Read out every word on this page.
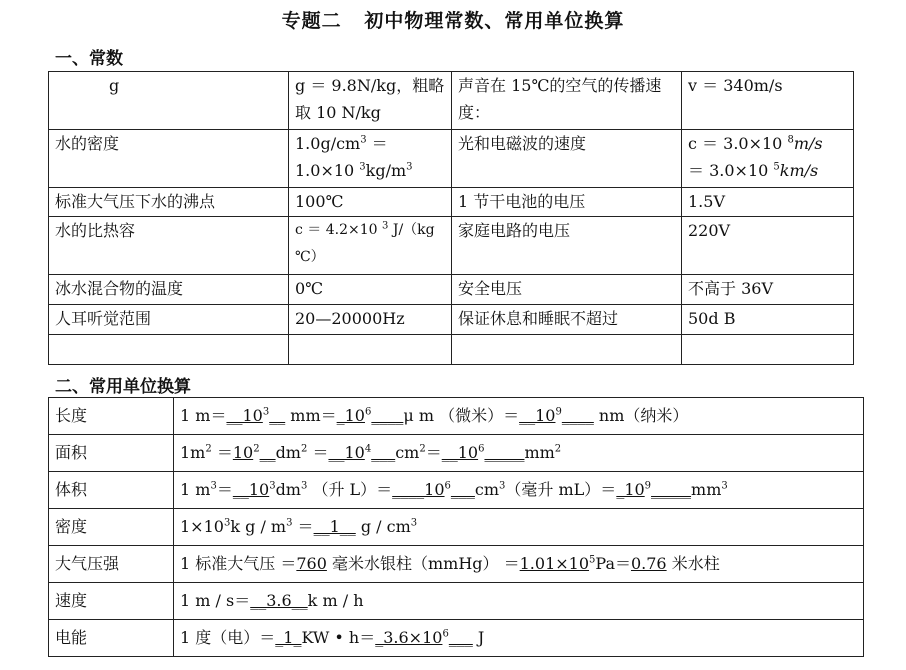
专题二   初中物理常数、常用单位换算
一、常数
g	g ＝ 9.8N/kg，粗略取 10 N/kg	声音在 15℃的空气的传播速度：	v ＝ 340m/s
水的密度	$1.0g/cm^3 =1.0\times 10$ $^3kg/m^3$	光和电磁波的速度	c ＝ 3.0×10 $^8$m/s
＝ 3.0×10 $^5$km/s
标准大气压下水的沸点	100℃	1 节干电池的电压	1.5V
水的比热容	c ＝ 4.2×10 $^3$ J/（kg ℃）	家庭电路的电压	220V
冰水混合物的温度	0℃	安全电压	不高于 36V
人耳听觉范围	20—20000Hz	保证休息和睡眠不超过	50d B

二、常用单位换算
长度	1 $m=\_\_10^3\_\_$ $mm=\_10^6\_\_\_\_\mu$ m （微米）$=\_\_10^9\_\_\_\_$ nm（纳米）
面积	$1m^2$ $=10^2\_\_dm^2$ $=\_\_10^4\_\_\_cm^2=\_\_10^6\_\_\_\_\_mm^2$
体积	1 $m^3=\_\_10^3dm^3$ （升 $L)=\_\_\_\_10^6\_\_\_cm^3$（毫升 $mL)=\_10^9\_\_\_\_\_mm^3$
密度	$1\times 10^3k$ g / $m^3$ ＝__1__ g / $cm^3$
大气压强	1 标准大气压 ＝760 毫米水银柱（mmHg） $=1.01\times 10^5Pa=0.76$ 米水柱
速度	1 m / s＝__3.6__k m / h
电能	1 度（电）＝_1_KW • $h=\_3.6\times 10^6\_\_\_$ J
